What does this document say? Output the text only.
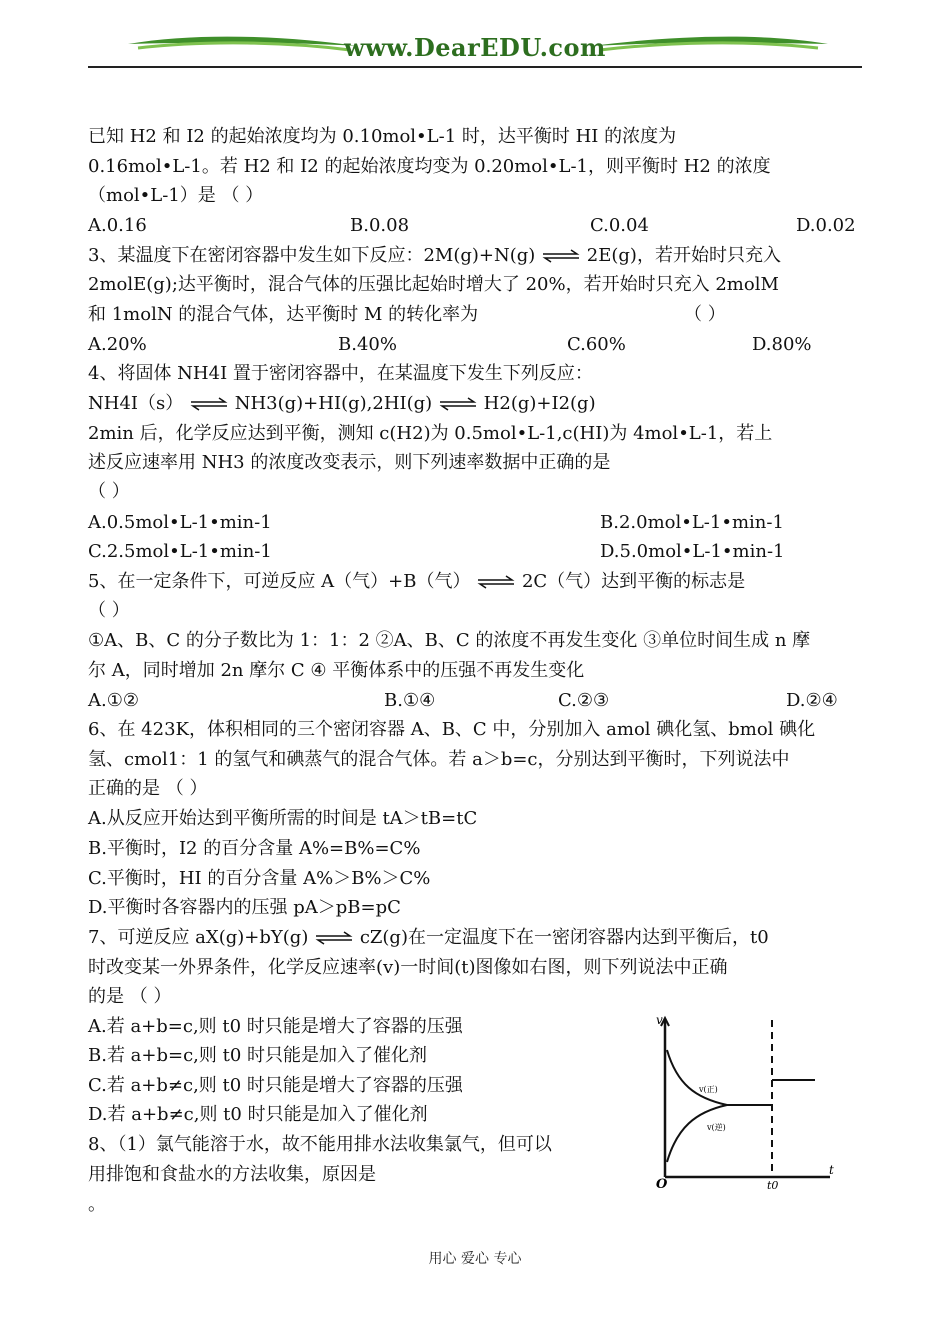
www.DearEDU.com
已知 H2 和 I2 的起始浓度均为 0.10mol•L-1 时，达平衡时 HI 的浓度为
0.16mol•L-1。若 H2 和 I2 的起始浓度均变为 0.20mol•L-1，则平衡时 H2 的浓度
（mol•L-1）是 （ ）
A.0.16	B.0.08	C.0.04	D.0.02
3、某温度下在密闭容器中发生如下反应：2M(g)+N(g) ⇌ 2E(g)，若开始时只充入
2molE(g);达平衡时，混合气体的压强比起始时增大了 20%，若开始时只充入 2molM
和 1molN 的混合气体，达平衡时 M 的转化率为	（ ）
A.20%	B.40%	C.60%	D.80%
4、将固体 NH4I 置于密闭容器中，在某温度下发生下列反应：
NH4I（s） ⇌ NH3(g)+HI(g),2HI(g) ⇌ H2(g)+I2(g)
2min 后，化学反应达到平衡，测知 c(H2)为 0.5mol•L-1,c(HI)为 4mol•L-1，若上
述反应速率用 NH3 的浓度改变表示，则下列速率数据中正确的是
（ ）
A.0.5mol•L-1•min-1	B.2.0mol•L-1•min-1
C.2.5mol•L-1•min-1	D.5.0mol•L-1•min-1
5、在一定条件下，可逆反应 A（气）+B（气） ⇌ 2C（气）达到平衡的标志是
（ ）
①A、B、C 的分子数比为 1：1：2 ②A、B、C 的浓度不再发生变化 ③单位时间生成 n 摩
尔 A，同时增加 2n 摩尔 C ④ 平衡体系中的压强不再发生变化
A.①②	B.①④	C.②③	D.②④
6、在 423K，体积相同的三个密闭容器 A、B、C 中，分别加入 amol 碘化氢、bmol 碘化
氢、cmol1：1 的氢气和碘蒸气的混合气体。若 a＞b=c，分别达到平衡时，下列说法中
正确的是 （ ）
A.从反应开始达到平衡所需的时间是 tA＞tB=tC
B.平衡时，I2 的百分含量 A%=B%=C%
C.平衡时，HI 的百分含量 A%＞B%＞C%
D.平衡时各容器内的压强 pA＞pB=pC
7、可逆反应 aX(g)+bY(g) ⇌ cZ(g)在一定温度下在一密闭容器内达到平衡后，t0
时改变某一外界条件，化学反应速率(v)一时间(t)图像如右图，则下列说法中正确
的是 （ ）
A.若 a+b=c,则 t0 时只能是增大了容器的压强
B.若 a+b=c,则 t0 时只能是加入了催化剂
C.若 a+b≠c,则 t0 时只能是增大了容器的压强
D.若 a+b≠c,则 t0 时只能是加入了催化剂
8、（1）氯气能溶于水，故不能用排水法收集氯气，但可以
用排饱和食盐水的方法收集，原因是
。
v
t
O	t0
v(正)
v(逆)
用心 爱心 专心
